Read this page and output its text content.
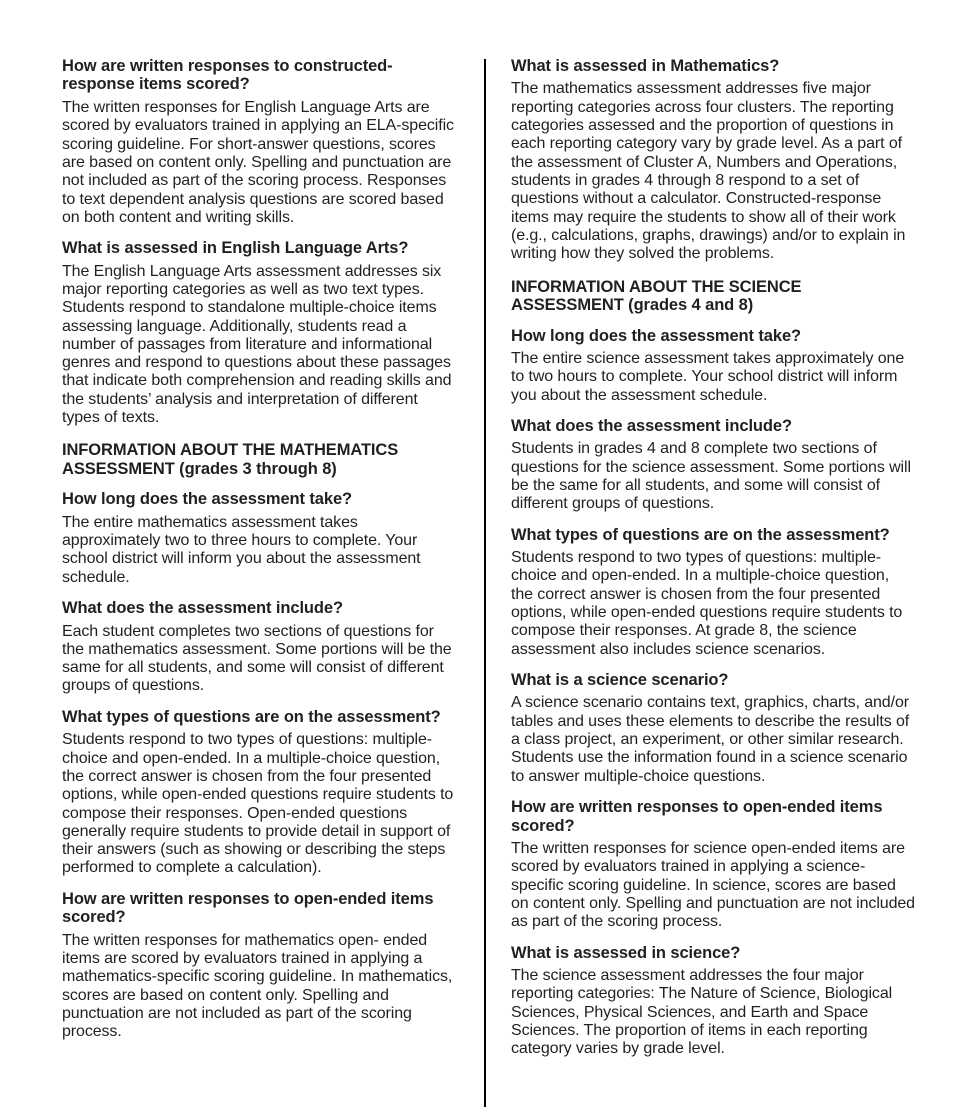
How are written responses to constructed-response items scored?

The written responses for English Language Arts are scored by evaluators trained in applying an ELA-specific scoring guideline. For short-answer questions, scores are based on content only. Spelling and punctuation are not included as part of the scoring process. Responses to text dependent analysis questions are scored based on both content and writing skills.

What is assessed in English Language Arts?

The English Language Arts assessment addresses six major reporting categories as well as two text types. Students respond to standalone multiple-choice items assessing language. Additionally, students read a number of passages from literature and informational genres and respond to questions about these passages that indicate both comprehension and reading skills and the students’ analysis and interpretation of different types of texts.

INFORMATION ABOUT THE MATHEMATICS ASSESSMENT (grades 3 through 8)
How long does the assessment take?

The entire mathematics assessment takes approximately two to three hours to complete. Your school district will inform you about the assessment schedule.

What does the assessment include?

Each student completes two sections of questions for the mathematics assessment. Some portions will be the same for all students, and some will consist of different groups of questions.

What types of questions are on the assessment?

Students respond to two types of questions: multiple-choice and open-ended. In a multiple-choice question, the correct answer is chosen from the four presented options, while open-ended questions require students to compose their responses. Open-ended questions generally require students to provide detail in support of their answers (such as showing or describing the steps performed to complete a calculation).

How are written responses to open-ended items scored?

The written responses for mathematics open- ended items are scored by evaluators trained in applying a mathematics-specific scoring guideline. In mathematics, scores are based on content only. Spelling and punctuation are not included as part of the scoring process.

What is assessed in Mathematics?

The mathematics assessment addresses five major reporting categories across four clusters. The reporting categories assessed and the proportion of questions in each reporting category vary by grade level. As a part of the assessment of Cluster A, Numbers and Operations, students in grades 4 through 8 respond to a set of questions without a calculator. Constructed-response items may require the students to show all of their work (e.g., calculations, graphs, drawings) and/or to explain in writing how they solved the problems.

INFORMATION ABOUT THE SCIENCE ASSESSMENT (grades 4 and 8)
How long does the assessment take?

The entire science assessment takes approximately one to two hours to complete. Your school district will inform you about the assessment schedule.

What does the assessment include?

Students in grades 4 and 8 complete two sections of questions for the science assessment. Some portions will be the same for all students, and some will consist of different groups of questions.

What types of questions are on the assessment?

Students respond to two types of questions: multiple-choice and open-ended. In a multiple-choice question, the correct answer is chosen from the four presented options, while open-ended questions require students to compose their responses. At grade 8, the science assessment also includes science scenarios.

What is a science scenario?

A science scenario contains text, graphics, charts, and/or tables and uses these elements to describe the results of a class project, an experiment, or other similar research. Students use the information found in a science scenario to answer multiple-choice questions.

How are written responses to open-ended items scored?

The written responses for science open-ended items are scored by evaluators trained in applying a science-specific scoring guideline. In science, scores are based on content only. Spelling and punctuation are not included as part of the scoring process.

What is assessed in science?

The science assessment addresses the four major reporting categories: The Nature of Science, Biological Sciences, Physical Sciences, and Earth and Space Sciences. The proportion of items in each reporting category varies by grade level.
